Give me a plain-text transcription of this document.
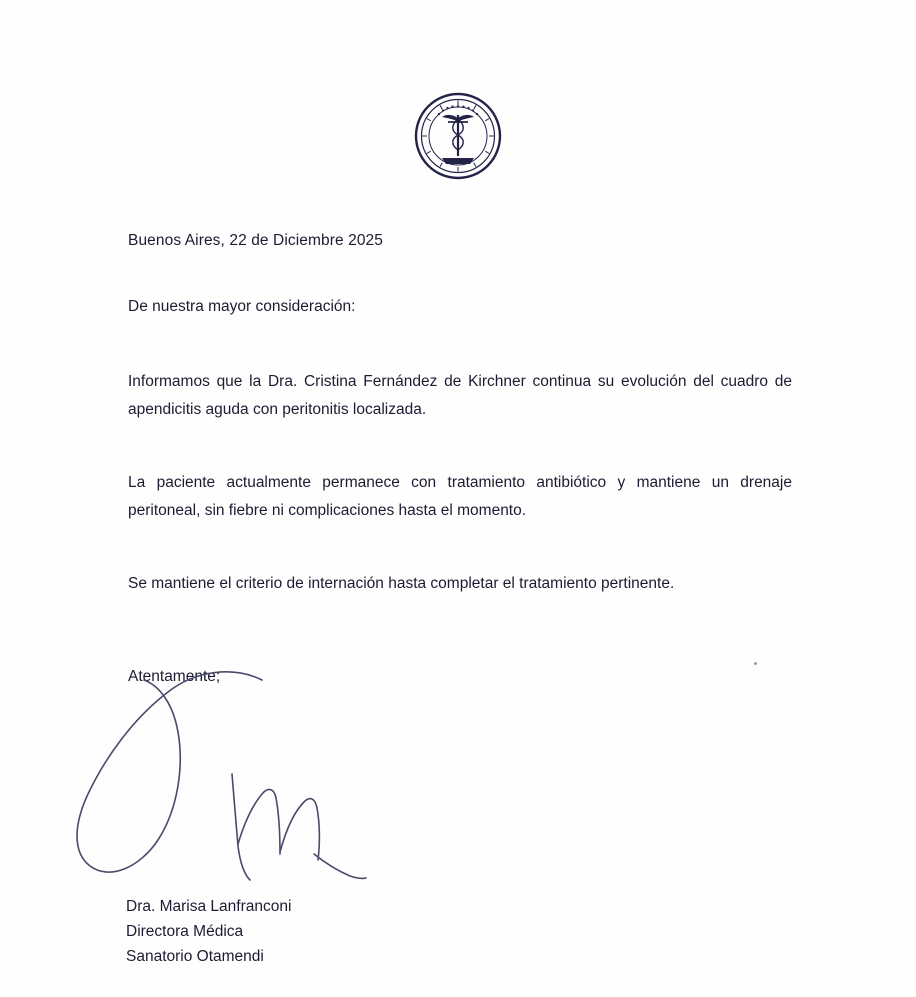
Buenos Aires, 22 de Diciembre 2025
De nuestra mayor consideración:

Informamos que la Dra. Cristina Fernández de Kirchner continua su evolución del cuadro de apendicitis aguda con peritonitis localizada.

La paciente actualmente permanece con tratamiento antibiótico y mantiene un drenaje peritoneal, sin fiebre ni complicaciones hasta el momento.

Se mantiene el criterio de internación hasta completar el tratamiento pertinente.

Atentamente;
Dra. Marisa Lanfranconi
Directora Médica
Sanatorio Otamendi
